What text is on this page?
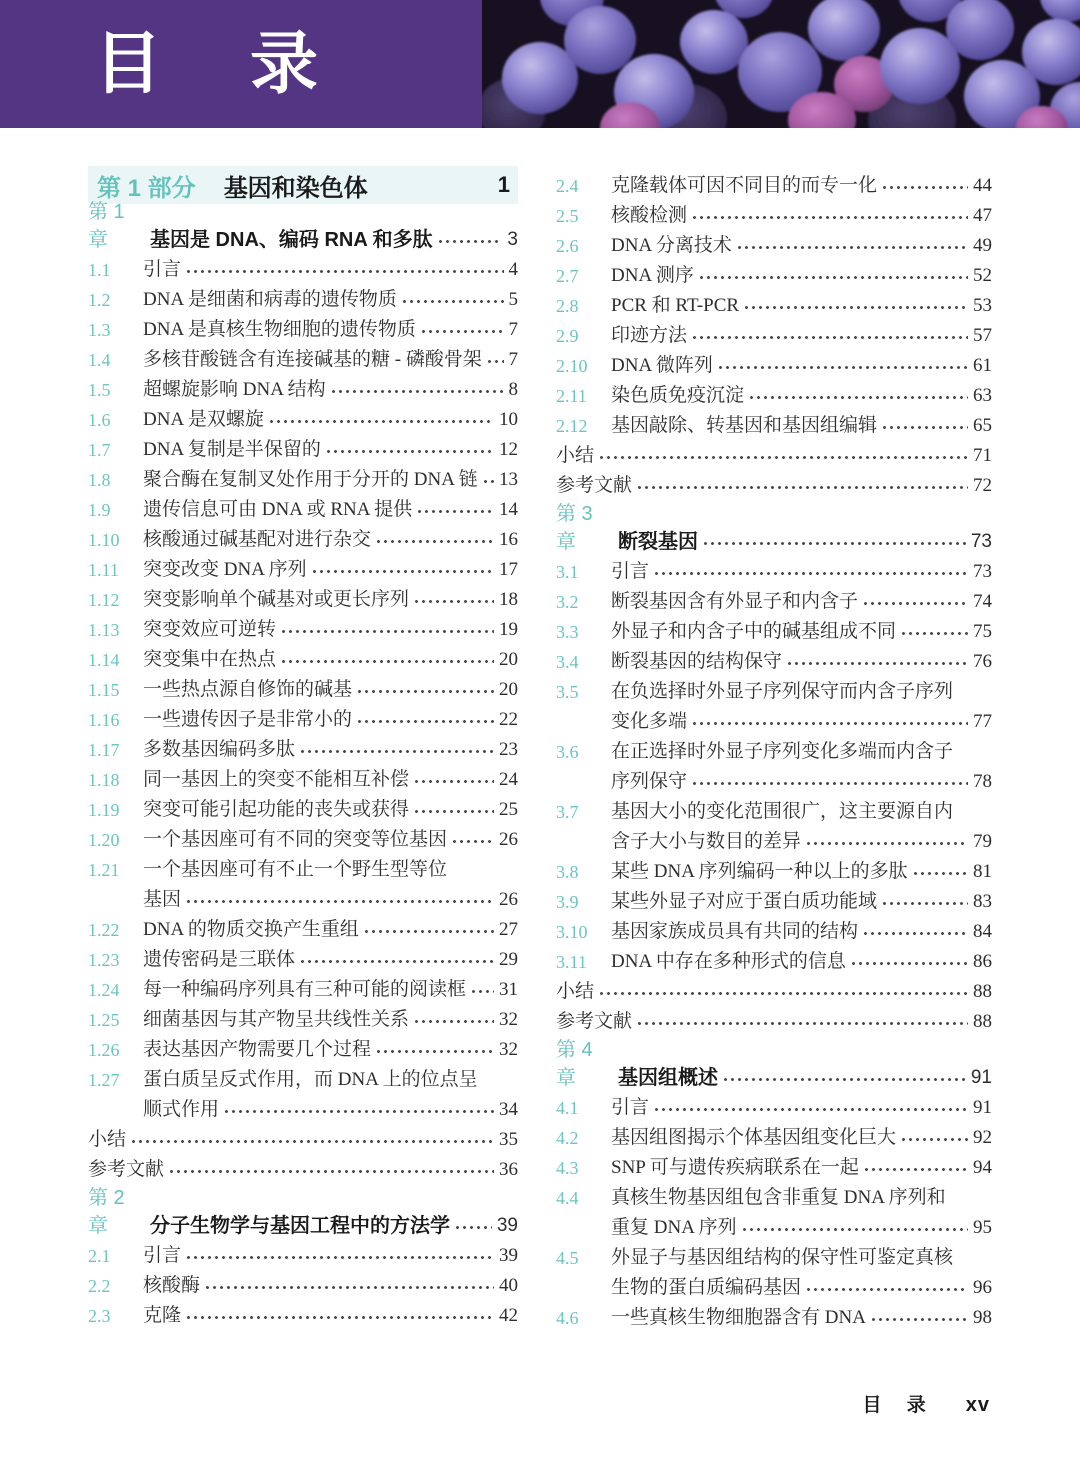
目 录
第 1 部分 基因和染色体	1
第 1 章	基因是 DNA、编码 RNA 和多肽	3
1.1	引言	4
1.2	DNA 是细菌和病毒的遗传物质	5
1.3	DNA 是真核生物细胞的遗传物质	7
1.4	多核苷酸链含有连接碱基的糖 - 磷酸骨架 7
1.5	超螺旋影响 DNA 结构	8
1.6	DNA 是双螺旋	10
1.7	DNA 复制是半保留的	12
1.8	聚合酶在复制叉处作用于分开的 DNA 链 13
1.9	遗传信息可由 DNA 或 RNA 提供	14
1.10	核酸通过碱基配对进行杂交	16
1.11	突变改变 DNA 序列	17
1.12	突变影响单个碱基对或更长序列	18
1.13	突变效应可逆转	19
1.14	突变集中在热点	20
1.15	一些热点源自修饰的碱基	20
1.16	一些遗传因子是非常小的	22
1.17	多数基因编码多肽	23
1.18	同一基因上的突变不能相互补偿	24
1.19	突变可能引起功能的丧失或获得	25
1.20	一个基因座可有不同的突变等位基因	26
1.21	一个基因座可有不止一个野生型等位
基因	26
1.22	DNA 的物质交换产生重组	27
1.23	遗传密码是三联体	29
1.24	每一种编码序列具有三种可能的阅读框 31
1.25	细菌基因与其产物呈共线性关系	32
1.26	表达基因产物需要几个过程	32
1.27	蛋白质呈反式作用，而 DNA 上的位点呈
顺式作用	34
小结	35
参考文献	36
第 2 章	分子生物学与基因工程中的方法学 39
2.1	引言	39
2.2	核酸酶	40
2.3	克隆	42
2.4	克隆载体可因不同目的而专一化	44
2.5	核酸检测	47
2.6	DNA 分离技术	49
2.7	DNA 测序	52
2.8	PCR 和 RT-PCR	53
2.9	印迹方法	57
2.10	DNA 微阵列	61
2.11	染色质免疫沉淀	63
2.12	基因敲除、转基因和基因组编辑	65
小结	71
参考文献	72
第 3 章	断裂基因	73
3.1	引言	73
3.2	断裂基因含有外显子和内含子	74
3.3	外显子和内含子中的碱基组成不同	75
3.4	断裂基因的结构保守	76
3.5	在负选择时外显子序列保守而内含子序列
变化多端	77
3.6	在正选择时外显子序列变化多端而内含子
序列保守	78
3.7	基因大小的变化范围很广，这主要源自内
含子大小与数目的差异	79
3.8	某些 DNA 序列编码一种以上的多肽	81
3.9	某些外显子对应于蛋白质功能域	83
3.10	基因家族成员具有共同的结构	84
3.11	DNA 中存在多种形式的信息	86
小结	88
参考文献	88
第 4 章	基因组概述	91
4.1	引言	91
4.2	基因组图揭示个体基因组变化巨大	92
4.3	SNP 可与遗传疾病联系在一起	94
4.4	真核生物基因组包含非重复 DNA 序列和
重复 DNA 序列	95
4.5	外显子与基因组结构的保守性可鉴定真核
生物的蛋白质编码基因	96
4.6	一些真核生物细胞器含有 DNA	98
目 录 xv
